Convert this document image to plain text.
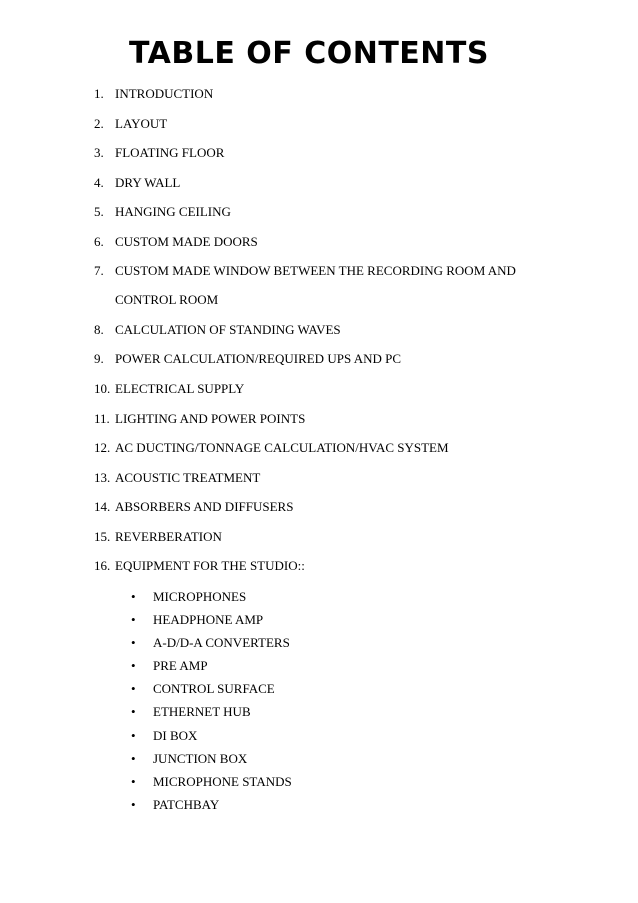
TABLE OF CONTENTS
1. INTRODUCTION
2. LAYOUT
3. FLOATING FLOOR
4. DRY WALL
5. HANGING CEILING
6. CUSTOM MADE DOORS
7. CUSTOM MADE WINDOW BETWEEN THE RECORDING ROOM AND
CONTROL ROOM
8. CALCULATION OF STANDING WAVES
9. POWER CALCULATION/REQUIRED UPS AND PC
10. ELECTRICAL SUPPLY
11. LIGHTING AND POWER POINTS
12. AC DUCTING/TONNAGE CALCULATION/HVAC SYSTEM
13. ACOUSTIC TREATMENT
14. ABSORBERS AND DIFFUSERS
15. REVERBERATION
16. EQUIPMENT FOR THE STUDIO::
• MICROPHONES
• HEADPHONE AMP
• A-D/D-A CONVERTERS
• PRE AMP
• CONTROL SURFACE
• ETHERNET HUB
• DI BOX
• JUNCTION BOX
• MICROPHONE STANDS
• PATCHBAY
